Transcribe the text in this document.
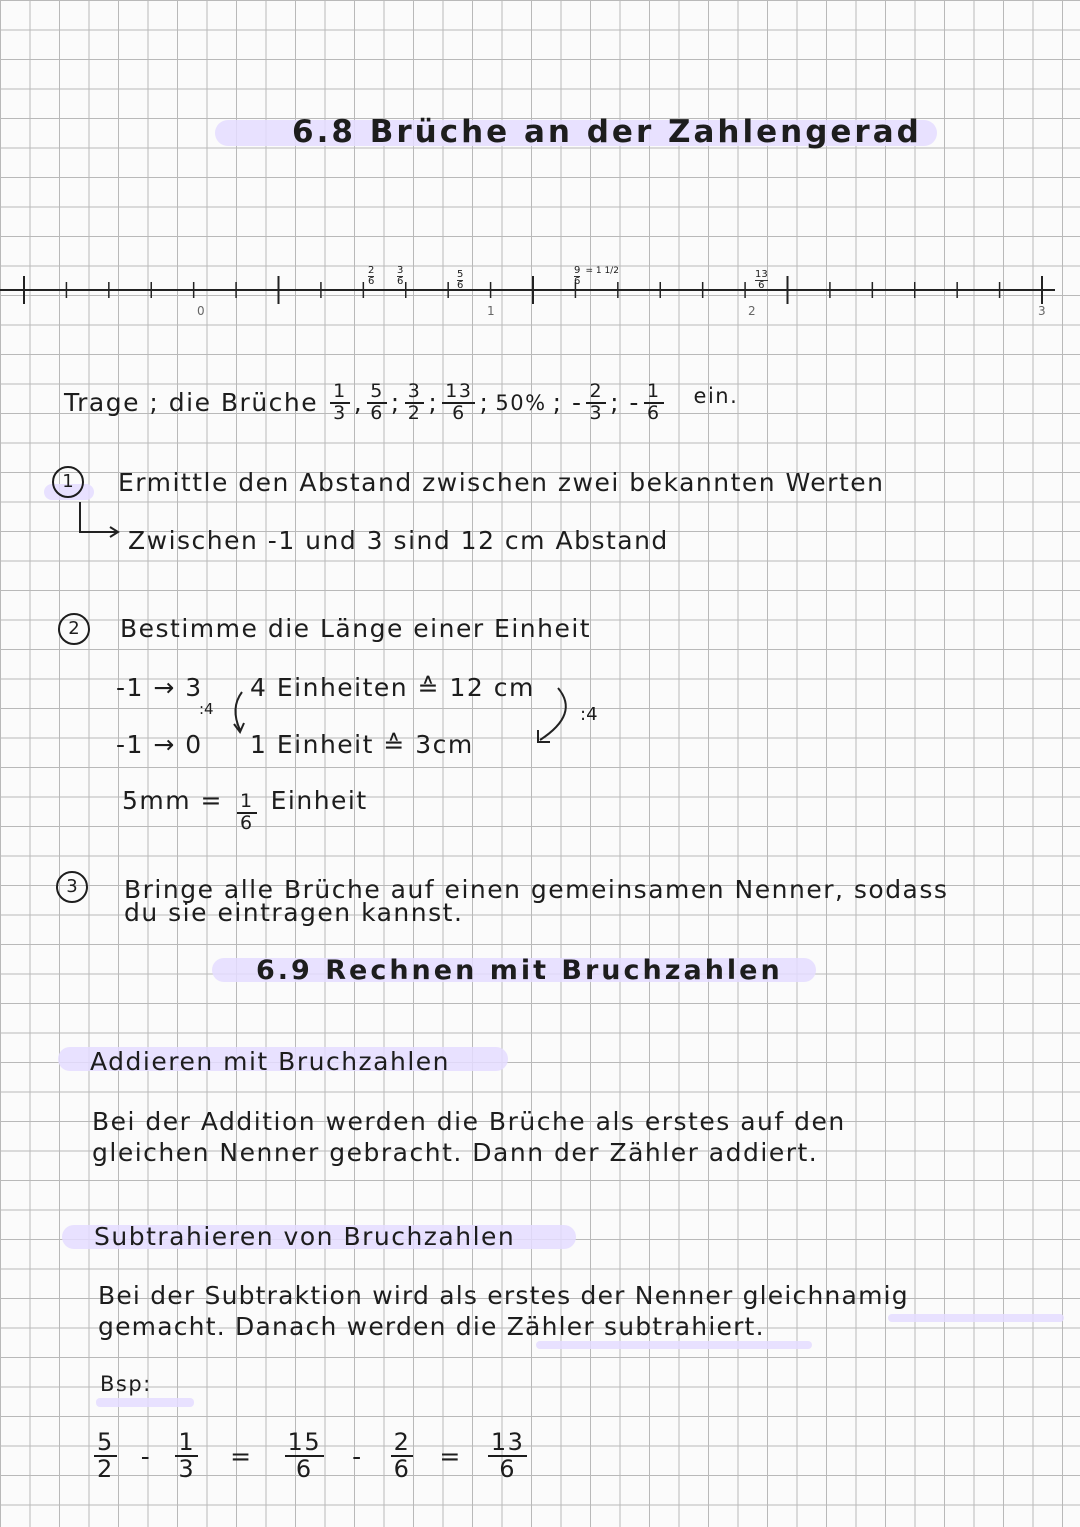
6.8 Brüche an der Zahlengerad
0	1	2	3
$\frac{2}{6} \frac{3}{6}$	$\frac{5}{6}$	$\frac{9}{6} = 1$ 1/2	$\frac{13}{6}$
Trage ; die Brüche $\frac{1}{3}$ , $\frac{5}{6}$ ; $\frac{3}{2}$ ; $\frac{13}{6}$ ; 50% ; - $\frac{2}{3}$ ; - $\frac{1}{6}$ ein.
1	Ermittle den Abstand zwischen zwei bekannten Werten
Zwischen -1 und 3 sind 12 cm Abstand
2	Bestimme die Länge einer Einheit
-1 → 3 4 Einheiten ≙ 12 cm
:4
-1 → 0 1 Einheit ≙ 3cm
:4
$5mm = \frac{1}{6}$ Einheit
3	Bringe alle Brüche auf einen gemeinsamen Nenner, sodass
du sie eintragen kannst.
6.9 Rechnen mit Bruchzahlen
Addieren mit Bruchzahlen
Bei der Addition werden die Brüche als erstes auf den
gleichen Nenner gebracht. Dann der Zähler addiert.
Subtrahieren von Bruchzahlen
Bei der Subtraktion wird als erstes der Nenner gleichnamig
gemacht. Danach werden die Zähler subtrahiert.
Bsp:
$\frac{5}{2} - \frac{1}{3} = \frac{15}{6} - \frac{2}{6} = \frac{13}{6}$
